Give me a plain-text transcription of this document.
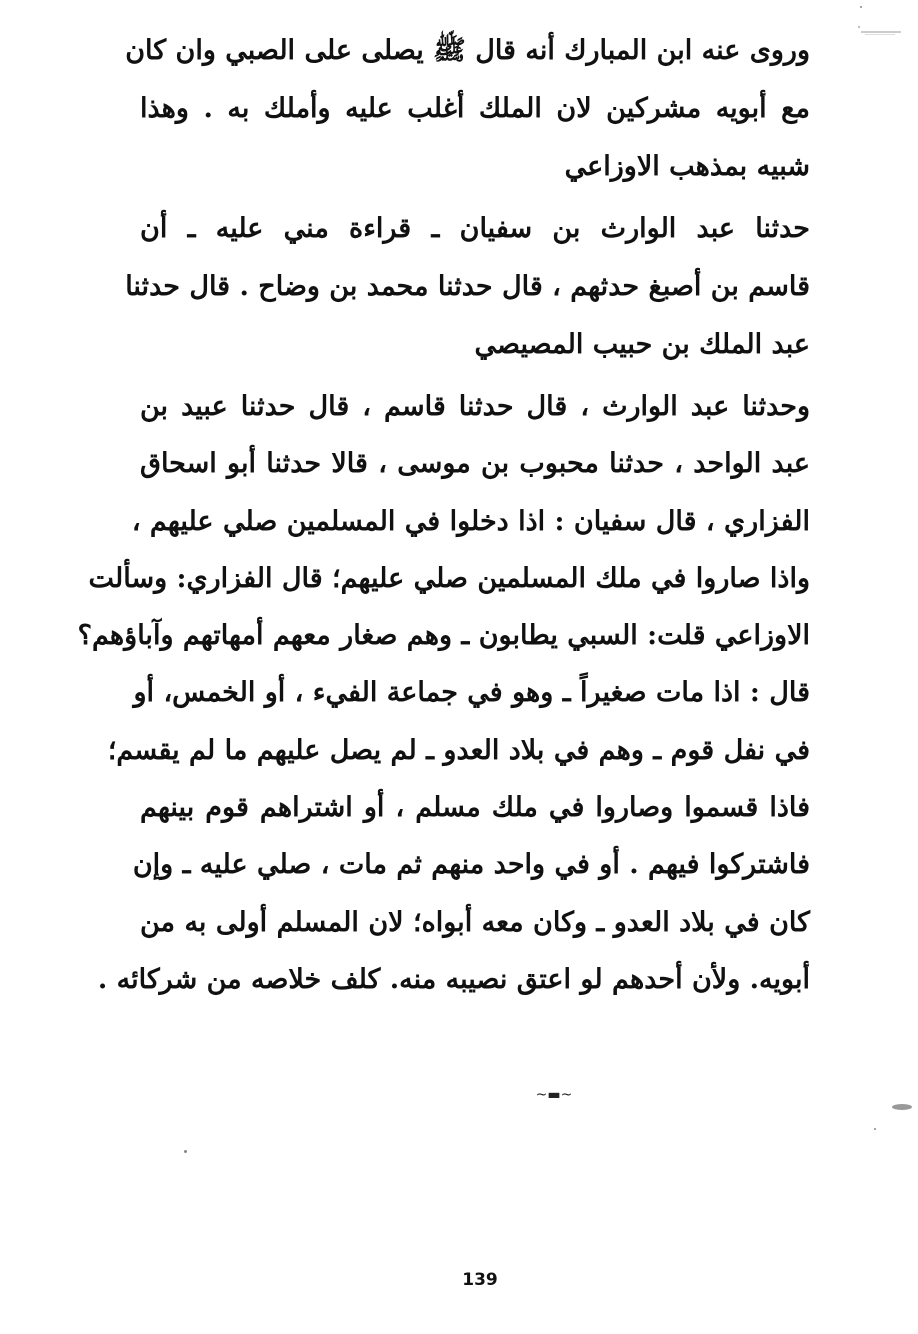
وروى عنه ابن المبارك أنه قال ﷺ يصلى على الصبي وان كان
مع أبويه مشركين لان الملك أغلب عليه وأملك به . وهذا
شبيه بمذهب الاوزاعي
حدثنا عبد الوارث بن سفيان ـ قراءة مني عليه ـ أن
قاسم بن أصبغ حدثهم ، قال حدثنا محمد بن وضاح . قال حدثنا
عبد الملك بن حبيب المصيصي
وحدثنا عبد الوارث ، قال حدثنا قاسم ، قال حدثنا عبيد بن
عبد الواحد ، حدثنا محبوب بن موسى ، قالا حدثنا أبو اسحاق
الفزاري ، قال سفيان : اذا دخلوا في المسلمين صلي عليهم ،
واذا صاروا في ملك المسلمين صلي عليهم؛ قال الفزاري: وسألت
الاوزاعي قلت: السبي يطابون ـ وهم صغار معهم أمهاتهم وآباؤهم؟
قال : اذا مات صغيراً ـ وهو في جماعة الفيء ، أو الخمس، أو
في نفل قوم ـ وهم في بلاد العدو ـ لم يصل عليهم ما لم يقسم؛
فاذا قسموا وصاروا في ملك مسلم ، أو اشتراهم قوم بينهم
فاشتركوا فيهم . أو في واحد منهم ثم مات ، صلي عليه ـ وإن
كان في بلاد العدو ـ وكان معه أبواه؛ لان المسلم أولى به من
أبويه. ولأن أحدهم لو اعتق نصيبه منه. كلف خلاصه من شركائه .
~▬~
139
